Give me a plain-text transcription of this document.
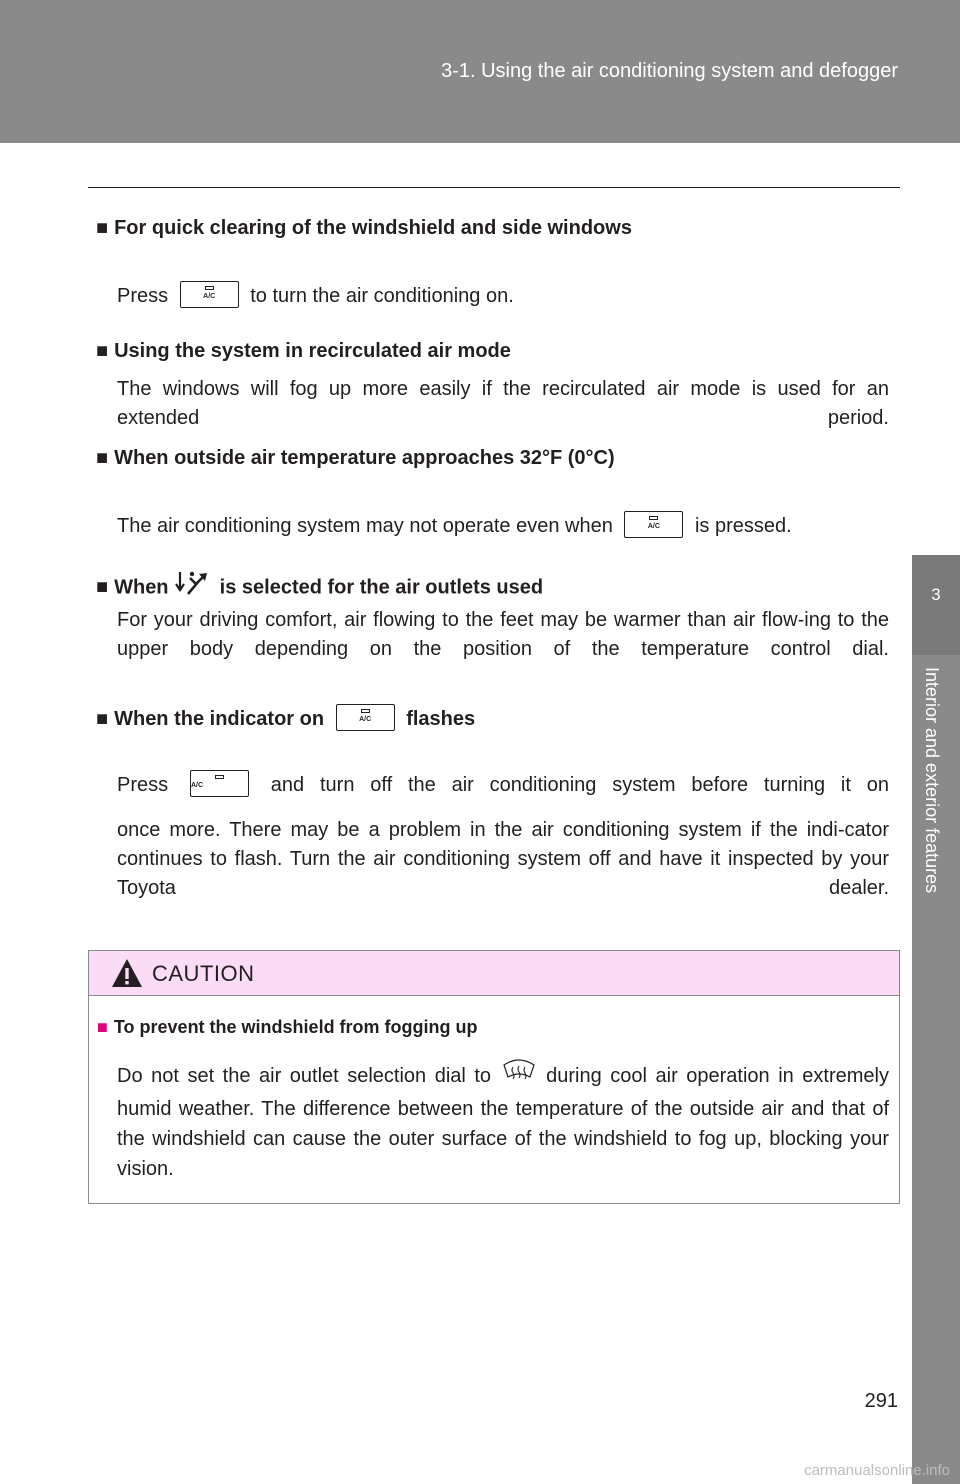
3-1. Using the air conditioning system and defogger
3
Interior and exterior features
■ For quick clearing of the windshield and side windows
Press	A/C	to turn the air conditioning on.
■ Using the system in recirculated air mode
The windows will fog up more easily if the recirculated air mode is used for an extended period.
■ When outside air temperature approaches 32°F (0°C)
The air conditioning system may not operate even when	A/C	is pressed.
■ When	is selected for the air outlets used
For your driving comfort, air flowing to the feet may be warmer than air flow-ing to the upper body depending on the position of the temperature control dial.
■ When the indicator on	A/C	flashes
Press	A/C	and turn off the air conditioning system before turning it on
once more. There may be a problem in the air conditioning system if the indi-cator continues to flash. Turn the air conditioning system off and have it inspected by your Toyota dealer.
CAUTION
■ To prevent the windshield from fogging up
Do not set the air outlet selection dial to	during cool air operation in extremely humid weather. The difference between the temperature of the outside air and that of the windshield can cause the outer surface of the windshield to fog up, blocking your vision.
291
carmanualsonline.info
